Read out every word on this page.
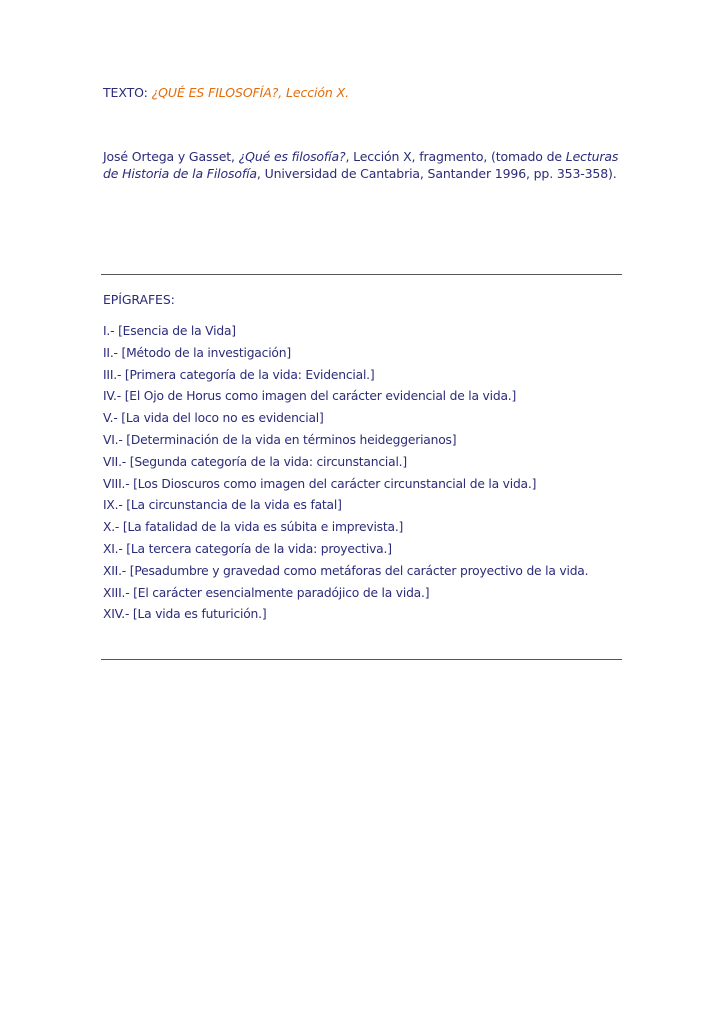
TEXTO: ¿QUÉ ES FILOSOFÍA?, Lección X.
José Ortega y Gasset, ¿Qué es filosofía?, Lección X, fragmento, (tomado de Lecturas de Historia de la Filosofía, Universidad de Cantabria, Santander 1996, pp. 353-358).
EPÍGRAFES:
I.- [Esencia de la Vida]
II.- [Método de la investigación]
III.- [Primera categoría de la vida: Evidencial.]
IV.- [El Ojo de Horus como imagen del carácter evidencial de la vida.]
V.- [La vida del loco no es evidencial]
VI.- [Determinación de la vida en términos heideggerianos]
VII.- [Segunda categoría de la vida: circunstancial.]
VIII.- [Los Dioscuros como imagen del carácter circunstancial de la vida.]
IX.- [La circunstancia de la vida es fatal]
X.- [La fatalidad de la vida es súbita e imprevista.]
XI.- [La tercera categoría de la vida: proyectiva.]
XII.- [Pesadumbre y gravedad como metáforas del carácter proyectivo de la vida.
XIII.- [El carácter esencialmente paradójico de la vida.]
XIV.- [La vida es futurición.]
